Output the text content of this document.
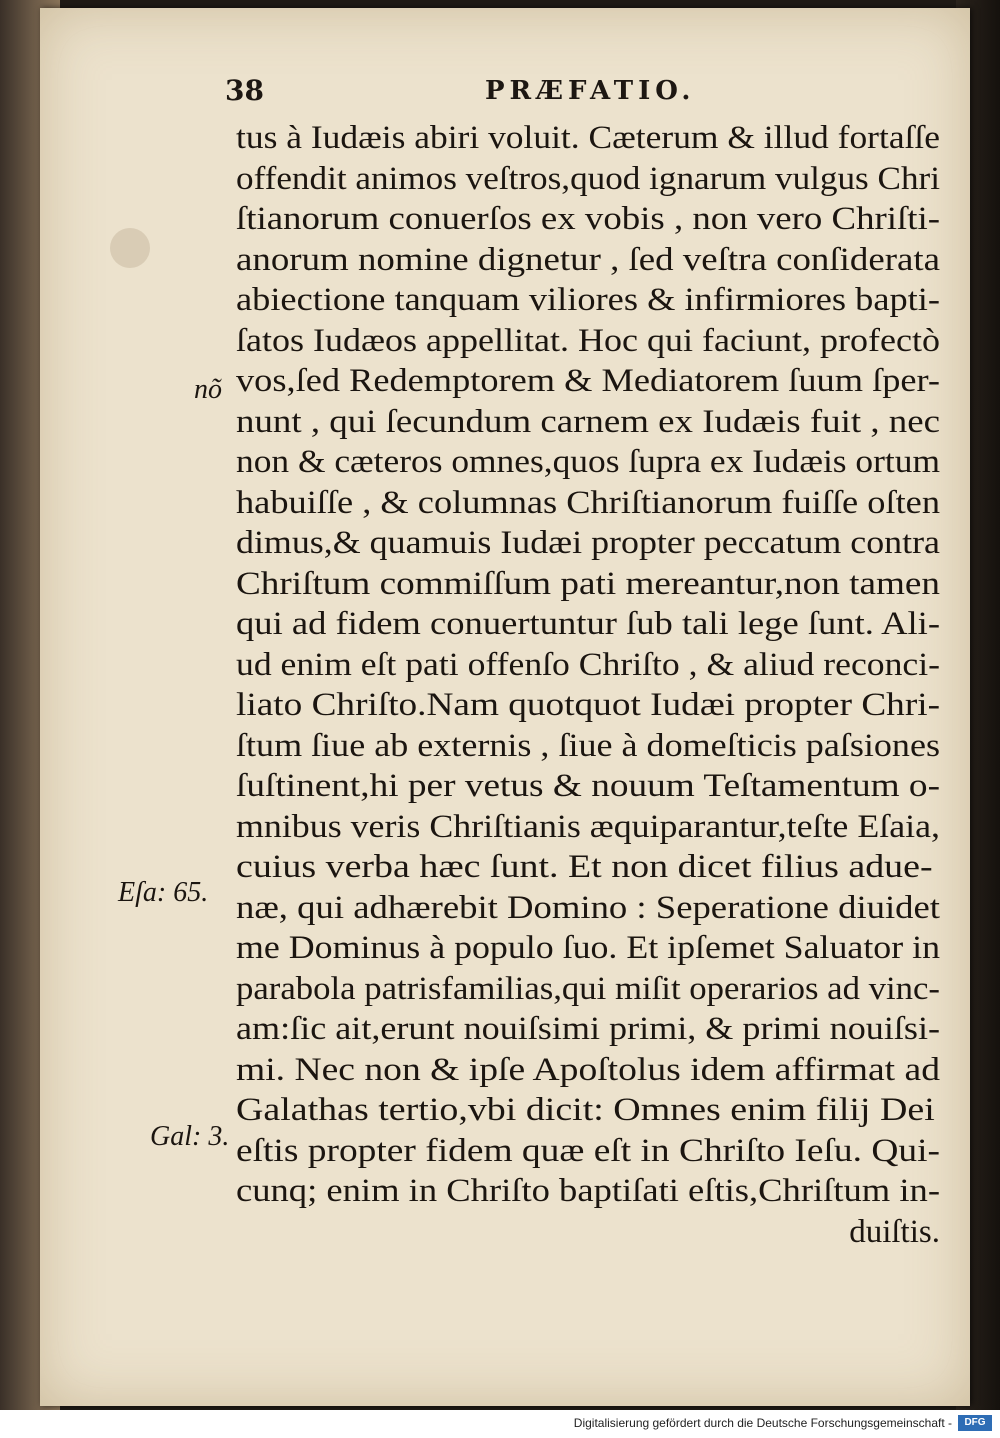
38	PRÆFATIO.
tus à Iudæis abiri voluit. Cæterum & illud fortaſſe
offendit animos veſtros,quod ignarum vulgus Chri
ſtianorum conuerſos ex vobis , non vero Chriſti-
anorum nomine dignetur , ſed veſtra conſiderata
abiectione tanquam viliores & infirmiores bapti-
ſatos Iudæos appellitat. Hoc qui faciunt, profectò
vos,ſed Redemptorem & Mediatorem ſuum ſper-
nunt , qui ſecundum carnem ex Iudæis fuit , nec
non & cæteros omnes,quos ſupra ex Iudæis ortum
habuiſſe , & columnas Chriſtianorum fuiſſe oſten
dimus,& quamuis Iudæi propter peccatum contra
Chriſtum commiſſum pati mereantur,non tamen
qui ad fidem conuertuntur ſub tali lege ſunt. Ali-
ud enim eſt pati offenſo Chriſto , & aliud reconci-
liato Chriſto.Nam quotquot Iudæi propter Chri-
ſtum ſiue ab externis , ſiue à domeſticis paſsiones
ſuſtinent,hi per vetus & nouum Teſtamentum o-
mnibus veris Chriſtianis æquiparantur,teſte Eſaia,
cuius verba hæc ſunt. Et non dicet filius adue-
næ, qui adhærebit Domino : Seperatione diuidet
me Dominus à populo ſuo. Et ipſemet Saluator in
parabola patrisfamilias,qui miſit operarios ad vinc-
am:ſic ait,erunt nouiſsimi primi, & primi nouiſsi-
mi. Nec non & ipſe Apoſtolus idem affirmat ad
Galathas tertio,vbi dicit: Omnes enim filij Dei
eſtis propter fidem quæ eſt in Chriſto Ieſu. Qui-
cunq; enim in Chriſto baptiſati eſtis,Chriſtum in-
duiſtis.
nõ
Eſa: 65.
Gal: 3.
Digitalisierung gefördert durch die Deutsche Forschungsgemeinschaft -	DFG
